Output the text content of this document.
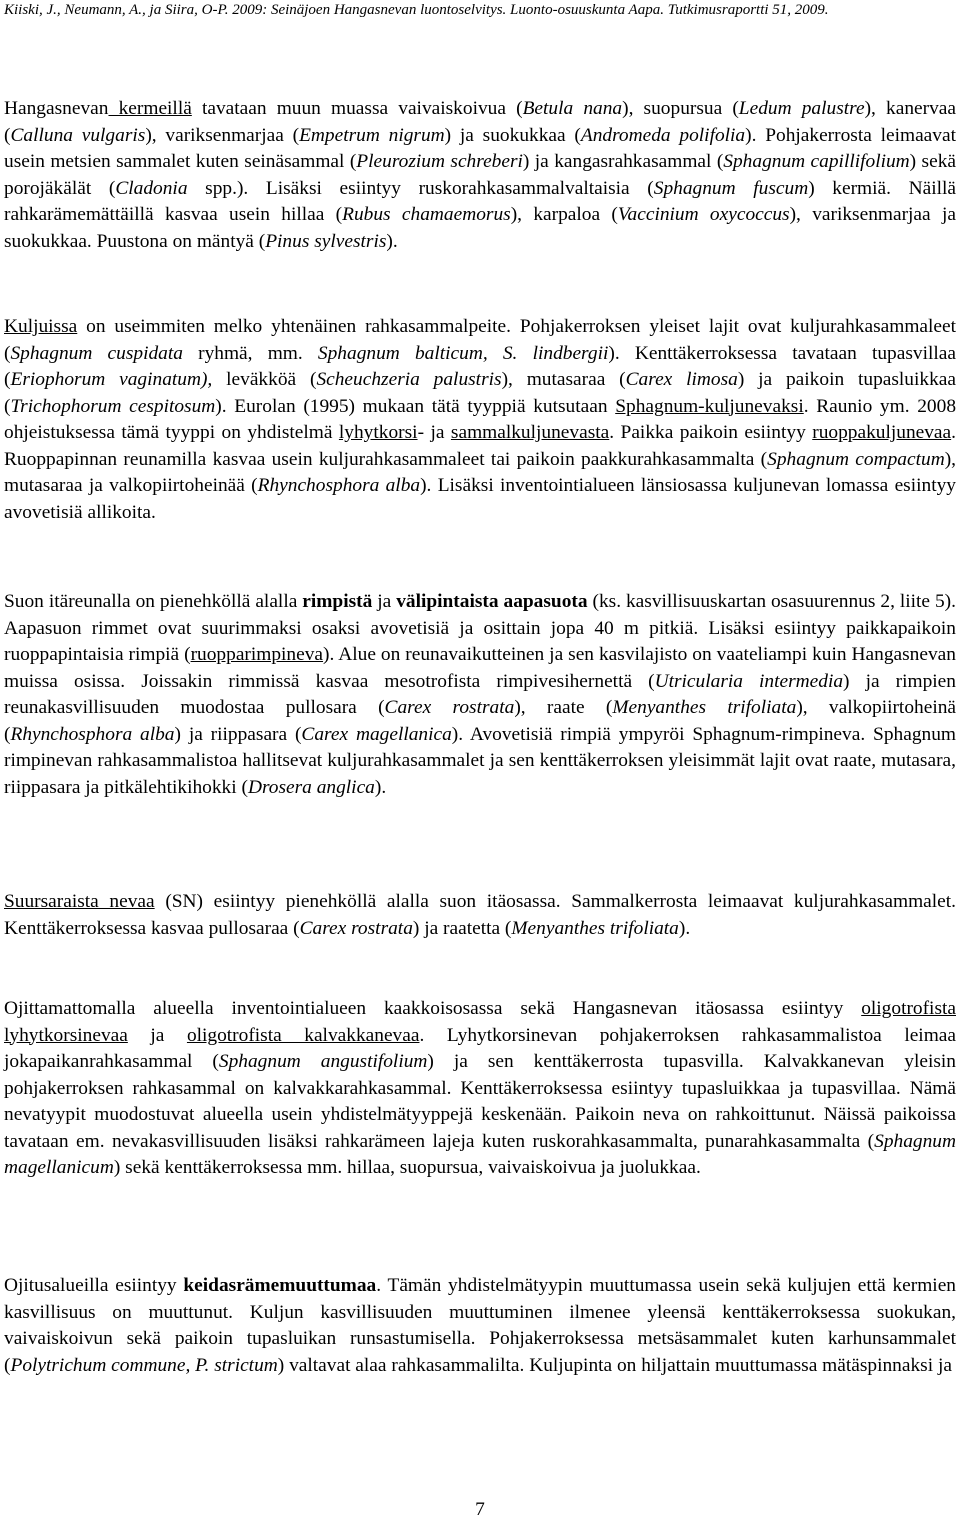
Kiiski, J., Neumann, A., ja Siira, O-P. 2009: Seinäjoen Hangasnevan luontoselvitys. Luonto-osuuskunta Aapa. Tutkimusraportti 51, 2009.

Hangasnevan kermeillä tavataan muun muassa vaivaiskoivua (Betula nana), suopursua (Ledum palustre), kanervaa (Calluna vulgaris), variksenmarjaa (Empetrum nigrum) ja suokukkaa (Andromeda polifolia). Pohjakerrosta leimaavat usein metsien sammalet kuten seinäsammal (Pleurozium schreberi) ja kangasrahkasammal (Sphagnum capillifolium) sekä porojäkälät (Cladonia spp.). Lisäksi esiintyy ruskorahkasammalvaltaisia (Sphagnum fuscum) kermiä. Näillä rahkarämemättäillä kasvaa usein hillaa (Rubus chamaemorus), karpaloa (Vaccinium oxycoccus), variksenmarjaa ja suokukkaa. Puustona on mäntyä (Pinus sylvestris).

Kuljuissa on useimmiten melko yhtenäinen rahkasammalpeite. Pohjakerroksen yleiset lajit ovat kuljurahkasammaleet (Sphagnum cuspidata ryhmä, mm. Sphagnum balticum, S. lindbergii). Kenttäkerroksessa tavataan tupasvillaa (Eriophorum vaginatum), leväkköä (Scheuchzeria palustris), mutasaraa (Carex limosa) ja paikoin tupasluikkaa (Trichophorum cespitosum). Eurolan (1995) mukaan tätä tyyppiä kutsutaan Sphagnum-kuljunevaksi. Raunio ym. 2008 ohjeistuksessa tämä tyyppi on yhdistelmä lyhytkorsi- ja sammalkuljunevasta. Paikka paikoin esiintyy ruoppakuljunevaa. Ruoppapinnan reunamilla kasvaa usein kuljurahkasammaleet tai paikoin paakkurahkasammalta (Sphagnum compactum), mutasaraa ja valkopiirtoheinää (Rhynchosphora alba). Lisäksi inventointialueen länsiosassa kuljunevan lomassa esiintyy avovetisiä allikoita.

Suon itäreunalla on pienehköllä alalla rimpistä ja välipintaista aapasuota (ks. kasvillisuuskartan osasuurennus 2, liite 5). Aapasuon rimmet ovat suurimmaksi osaksi avovetisiä ja osittain jopa 40 m pitkiä. Lisäksi esiintyy paikkapaikoin ruoppapintaisia rimpiä (ruopparimpineva). Alue on reunavaikutteinen ja sen kasvilajisto on vaateliampi kuin Hangasnevan muissa osissa. Joissakin rimmissä kasvaa mesotrofista rimpivesihernettä (Utricularia intermedia) ja rimpien reunakasvillisuuden muodostaa pullosara (Carex rostrata), raate (Menyanthes trifoliata), valkopiirtoheinä (Rhynchosphora alba) ja riippasara (Carex magellanica). Avovetisiä rimpiä ympyröi Sphagnum-rimpineva. Sphagnum rimpinevan rahkasammalistoa hallitsevat kuljurahkasammalet ja sen kenttäkerroksen yleisimmät lajit ovat raate, mutasara, riippasara ja pitkälehtikihokki (Drosera anglica).

Suursaraista nevaa (SN) esiintyy pienehköllä alalla suon itäosassa. Sammalkerrosta leimaavat kuljurahkasammalet. Kenttäkerroksessa kasvaa pullosaraa (Carex rostrata) ja raatetta (Menyanthes trifoliata).

Ojittamattomalla alueella inventointialueen kaakkoisosassa sekä Hangasnevan itäosassa esiintyy oligotrofista lyhytkorsinevaa ja oligotrofista kalvakkanevaa. Lyhytkorsinevan pohjakerroksen rahkasammalistoa leimaa jokapaikanrahkasammal (Sphagnum angustifolium) ja sen kenttäkerrosta tupasvilla. Kalvakkanevan yleisin pohjakerroksen rahkasammal on kalvakkarahkasammal. Kenttäkerroksessa esiintyy tupasluikkaa ja tupasvillaa. Nämä nevatyypit muodostuvat alueella usein yhdistelmätyyppejä keskenään. Paikoin neva on rahkoittunut. Näissä paikoissa tavataan em. nevakasvillisuuden lisäksi rahkarämeen lajeja kuten ruskorahkasammalta, punarahkasammalta (Sphagnum magellanicum) sekä kenttäkerroksessa mm. hillaa, suopursua, vaivaiskoivua ja juolukkaa.

Ojitusalueilla esiintyy keidasrämemuuttumaa. Tämän yhdistelmätyypin muuttumassa usein sekä kuljujen että kermien kasvillisuus on muuttunut. Kuljun kasvillisuuden muuttuminen ilmenee yleensä kenttäkerroksessa suokukan, vaivaiskoivun sekä paikoin tupasluikan runsastumisella. Pohjakerroksessa metsäsammalet kuten karhunsammalet (Polytrichum commune, P. strictum) valtavat alaa rahkasammalilta. Kuljupinta on hiljattain muuttumassa mätäspinnaksi ja

7
